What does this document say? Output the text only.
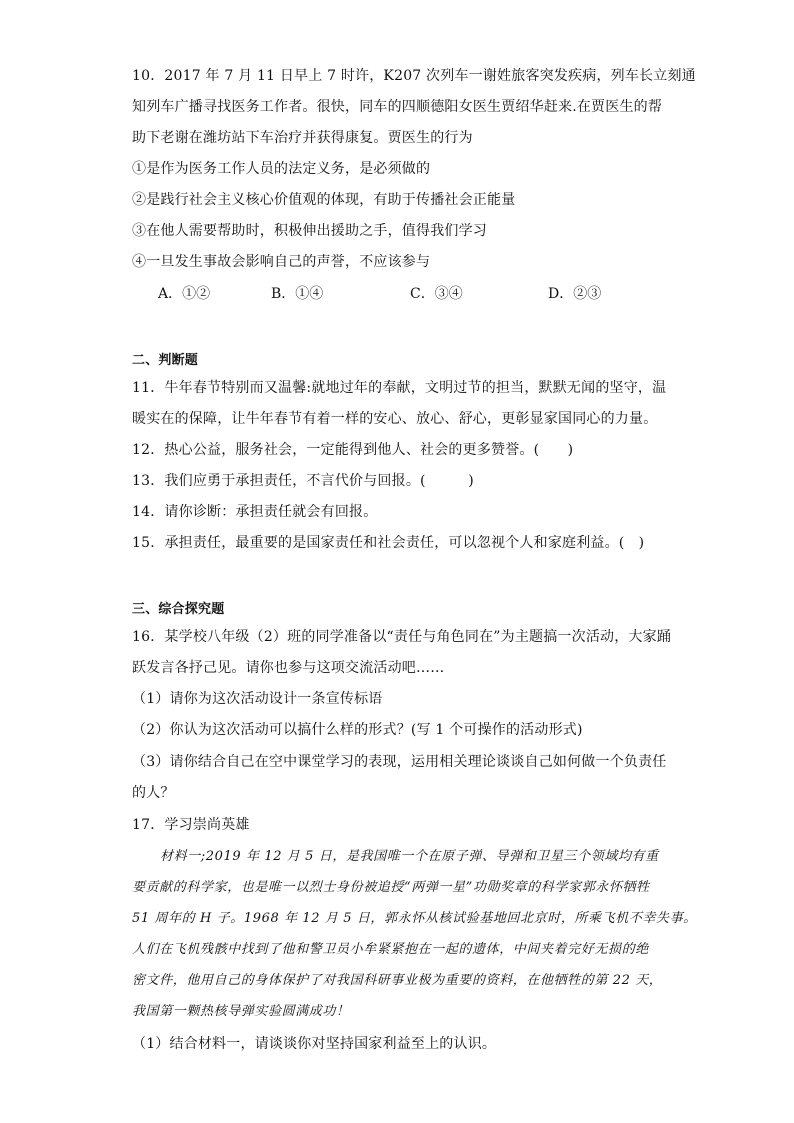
10．2017 年 7 月 11 日早上 7 时许，K207 次列车一谢姓旅客突发疾病，列车长立刻通
知列车广播寻找医务工作者。很快，同车的四顺德阳女医生贾绍华赶来.在贾医生的帮
助下老谢在潍坊站下车治疗并获得康复。贾医生的行为
①是作为医务工作人员的法定义务，是必须做的
②是践行社会主义核心价值观的体现，有助于传播社会正能量
③在他人需要帮助时，积极伸出援助之手，值得我们学习
④一旦发生事故会影响自己的声誉，不应该参与
A．①②	B．①④	C．③④	D．②③
二、判断题
11．牛年春节特别而又温馨:就地过年的奉献，文明过节的担当，默默无闻的坚守，温
暖实在的保障，让牛年春节有着一样的安心、放心、舒心，更彰显家国同心的力量。
12．热心公益，服务社会，一定能得到他人、社会的更多赞誉。(　　)
13．我们应勇于承担责任，不言代价与回报。(　　　)
14．请你诊断：承担责任就会有回报。
15．承担责任，最重要的是国家责任和社会责任，可以忽视个人和家庭利益。(　)
三、综合探究题
16．某学校八年级（2）班的同学准备以“责任与角色同在”为主题搞一次活动，大家踊
跃发言各抒己见。请你也参与这项交流活动吧……
（1）请你为这次活动设计一条宣传标语
（2）你认为这次活动可以搞什么样的形式？(写 1 个可操作的活动形式)
（3）请你结合自己在空中课堂学习的表现，运用相关理论谈谈自己如何做一个负责任
的人？
17．学习崇尚英雄
材料一;2019 年 12 月 5 日，是我国唯一个在原子弹、导弹和卫星三个领域均有重
要贡献的科学家，也是唯一以烈士身份被追授“两弹一星”功勋奖章的科学家郭永怀牺牲
51 周年的 H 子。1968 年 12 月 5 日，郭永怀从核试验基地回北京时，所乘飞机不幸失事。
人们在飞机残骸中找到了他和警卫员小牟紧紧抱在一起的遗体，中间夹着完好无损的绝
密文件，他用自己的身体保护了对我国科研事业极为重要的资料，在他牺牲的第 22 天，
我国第一颗热核导弹实验圆满成功！
（1）结合材料一，请谈谈你对坚持国家利益至上的认识。
